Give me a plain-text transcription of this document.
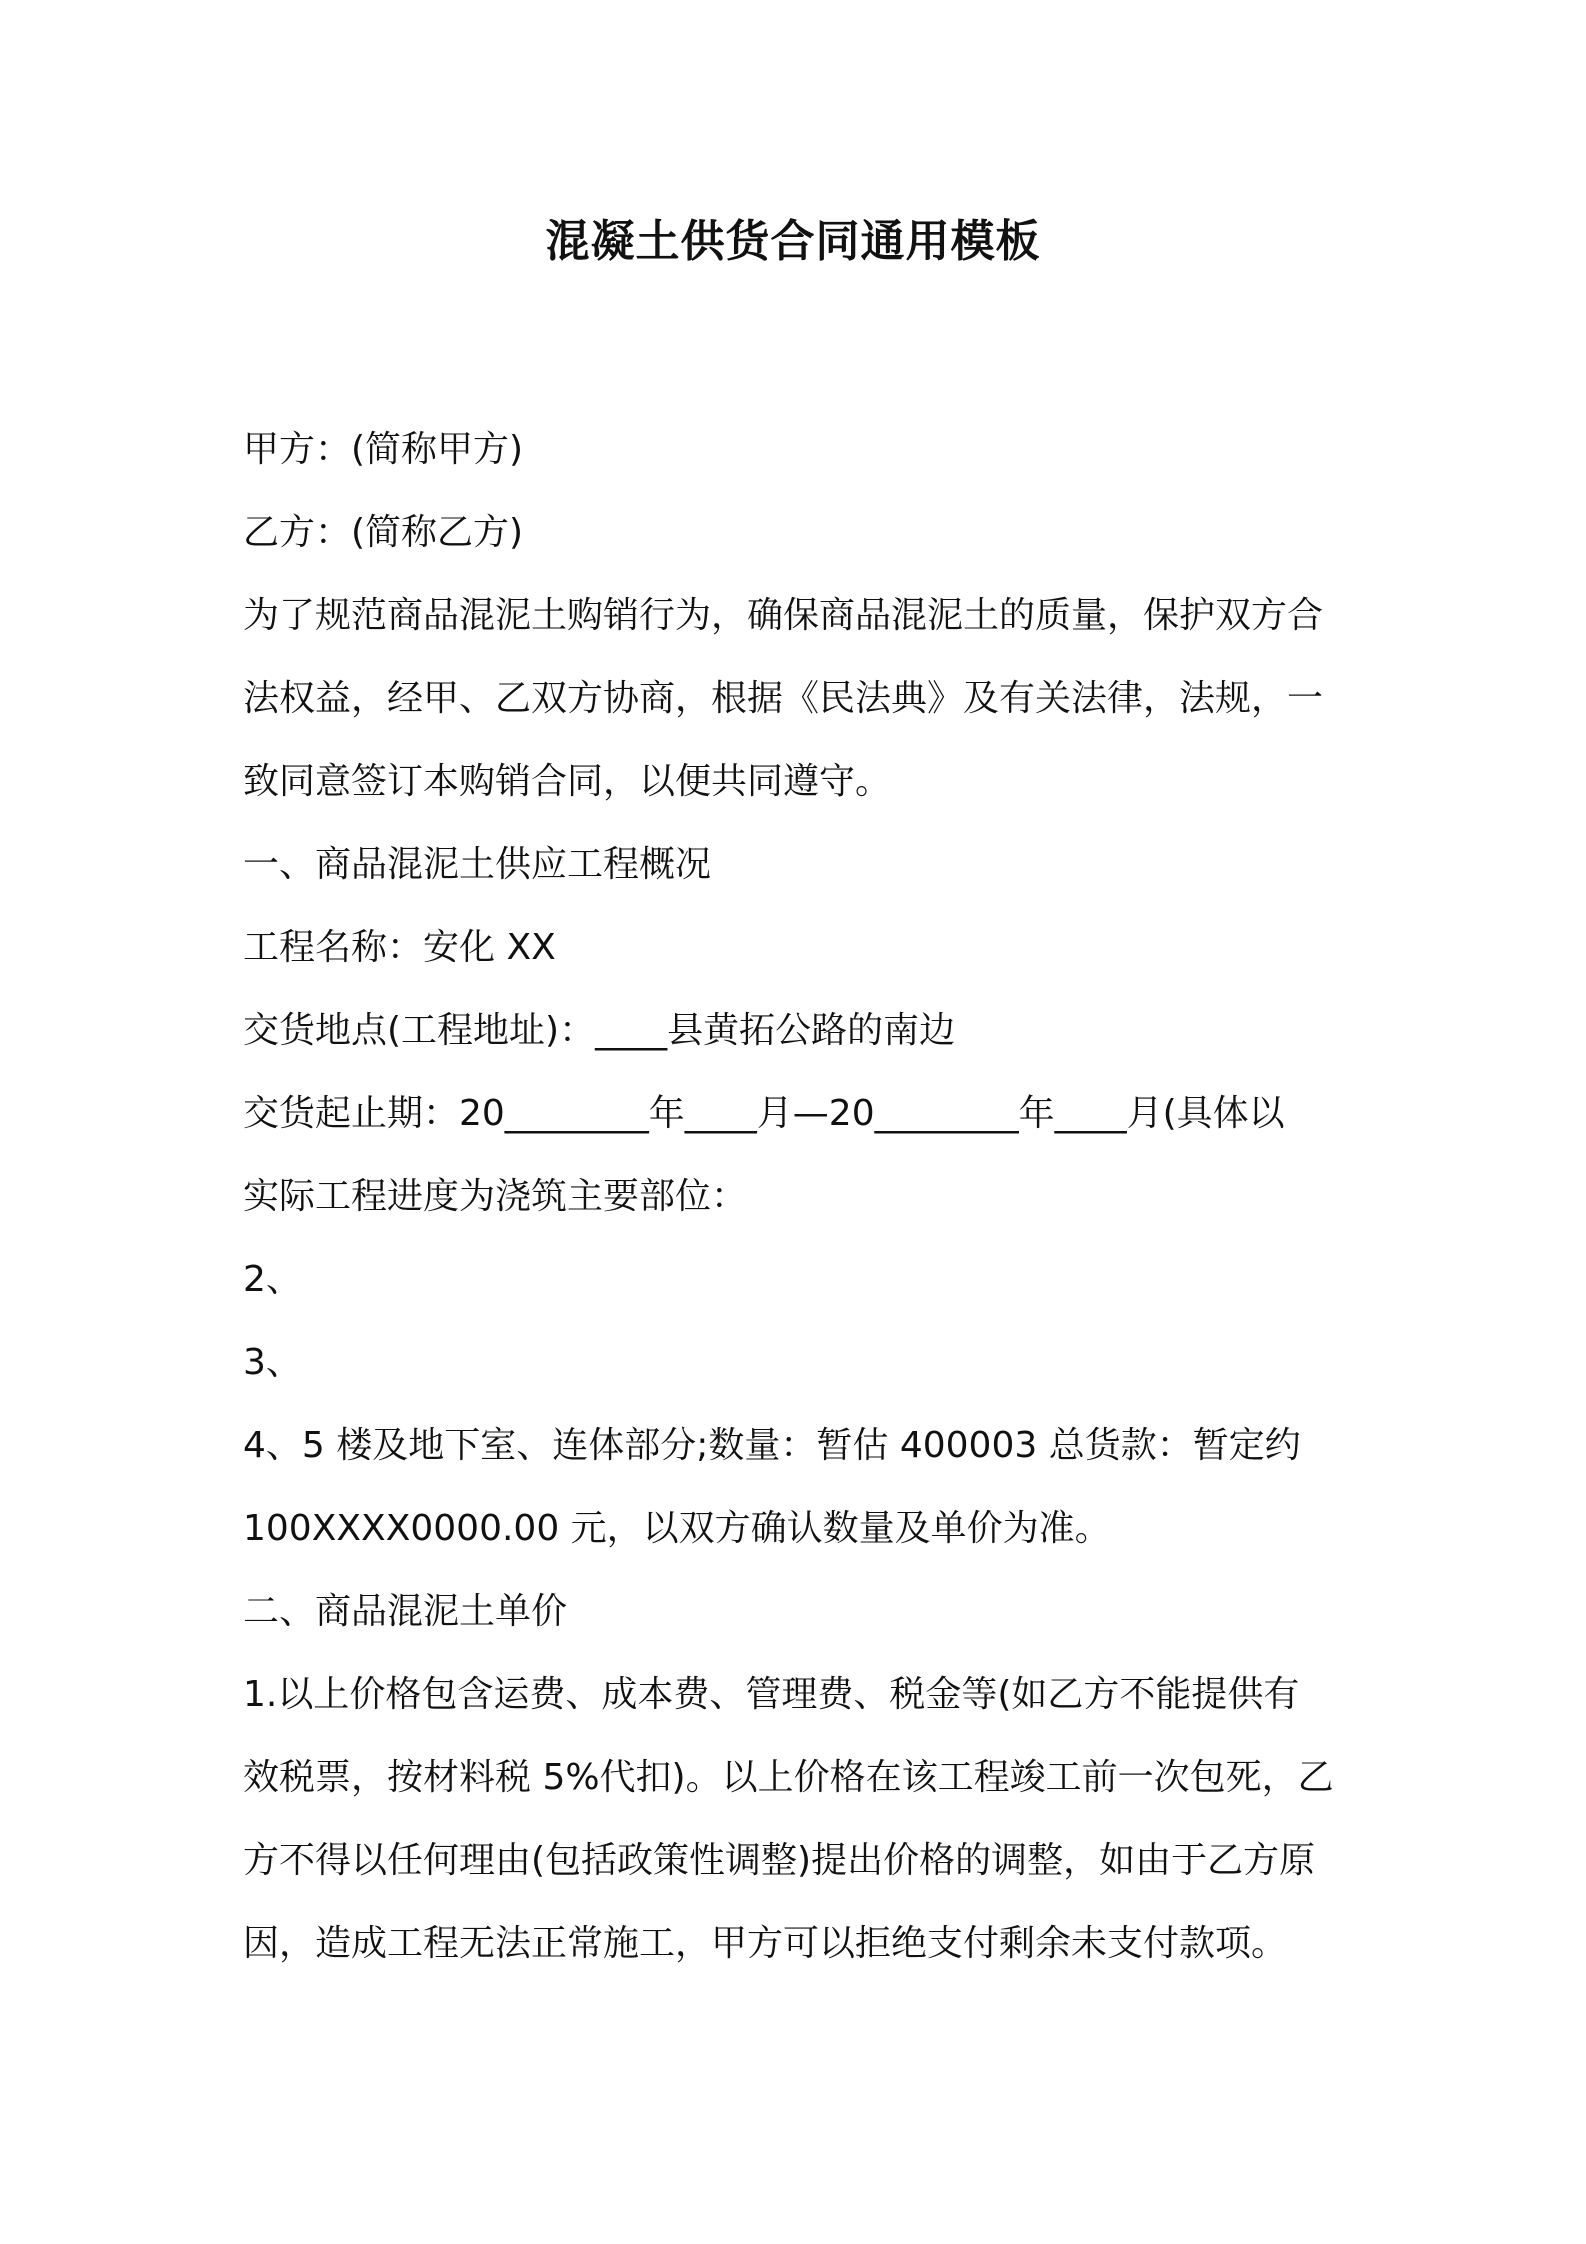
混凝土供货合同通用模板

甲方：(简称甲方)

乙方：(简称乙方)

为了规范商品混泥土购销行为，确保商品混泥土的质量，保护双方合

法权益，经甲、乙双方协商，根据《民法典》及有关法律，法规，一

致同意签订本购销合同，以便共同遵守。

一、商品混泥土供应工程概况

工程名称：安化 XX

交货地点(工程地址)：____县黄拓公路的南边

交货起止期：20________年____月—20________年____月(具体以

实际工程进度为浇筑主要部位：

2、

3、

4、5 楼及地下室、连体部分;数量：暂估 400003 总货款：暂定约

100XXXX0000.00 元，以双方确认数量及单价为准。

二、商品混泥土单价

1.以上价格包含运费、成本费、管理费、税金等(如乙方不能提供有

效税票，按材料税 5%代扣)。以上价格在该工程竣工前一次包死，乙

方不得以任何理由(包括政策性调整)提出价格的调整，如由于乙方原

因，造成工程无法正常施工，甲方可以拒绝支付剩余未支付款项。
